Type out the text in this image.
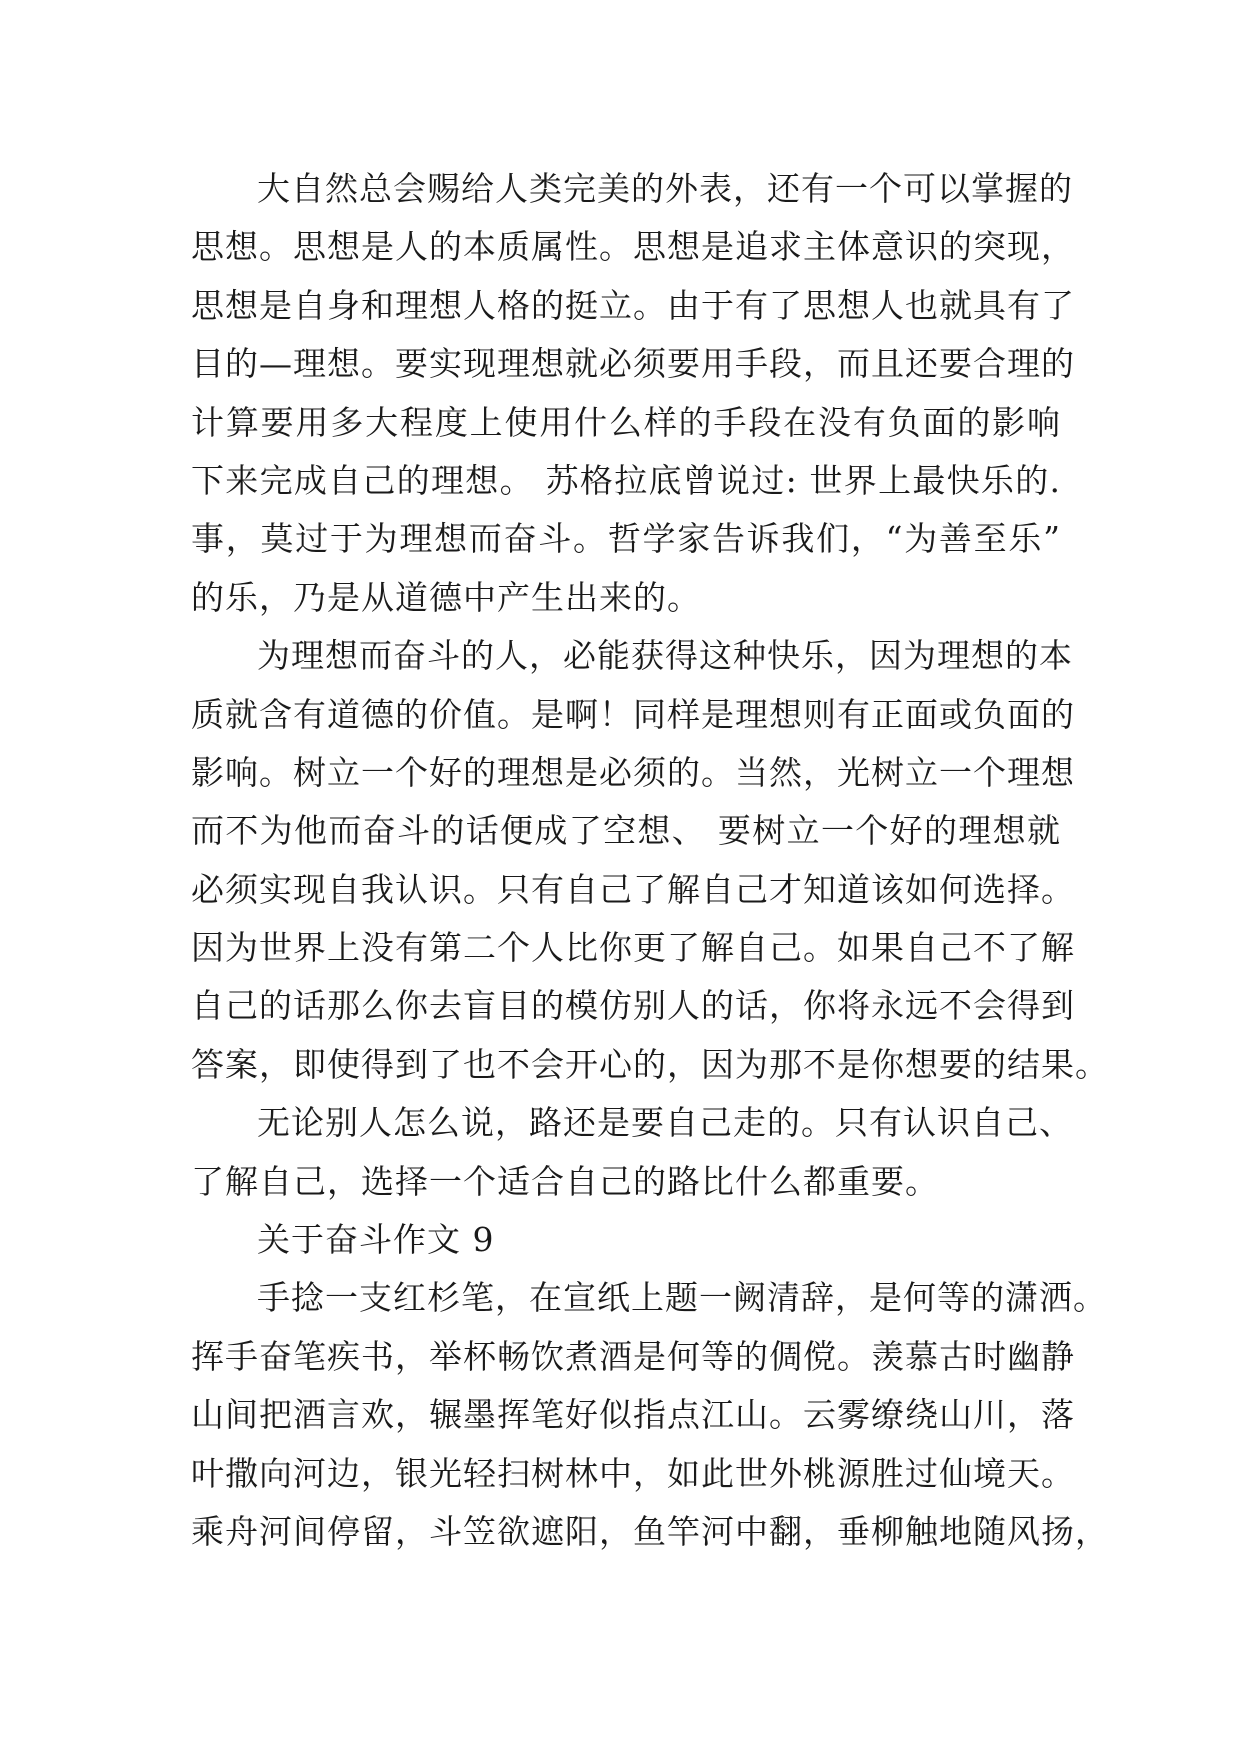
大自然总会赐给人类完美的外表，还有一个可以掌握的
思想。思想是人的本质属性。思想是追求主体意识的突现，
思想是自身和理想人格的挺立。由于有了思想人也就具有了
目的—理想。要实现理想就必须要用手段，而且还要合理的
计算要用多大程度上使用什么样的手段在没有负面的影响
下来完成自己的理想。 苏格拉底曾说过: 世界上最快乐的.
事，莫过于为理想而奋斗。哲学家告诉我们，“为善至乐”
的乐，乃是从道德中产生出来的。
为理想而奋斗的人，必能获得这种快乐，因为理想的本
质就含有道德的价值。是啊！同样是理想则有正面或负面的
影响。树立一个好的理想是必须的。当然，光树立一个理想
而不为他而奋斗的话便成了空想、 要树立一个好的理想就
必须实现自我认识。只有自己了解自己才知道该如何选择。
因为世界上没有第二个人比你更了解自己。如果自己不了解
自己的话那么你去盲目的模仿别人的话，你将永远不会得到
答案，即使得到了也不会开心的，因为那不是你想要的结果。
无论别人怎么说，路还是要自己走的。只有认识自己、
了解自己，选择一个适合自己的路比什么都重要。
关于奋斗作文 9
手捻一支红杉笔，在宣纸上题一阙清辞，是何等的潇洒。
挥手奋笔疾书，举杯畅饮煮酒是何等的倜傥。羡慕古时幽静
山间把酒言欢，辗墨挥笔好似指点江山。云雾缭绕山川，落
叶撒向河边，银光轻扫树林中，如此世外桃源胜过仙境天。
乘舟河间停留，斗笠欲遮阳，鱼竿河中翻，垂柳触地随风扬，
